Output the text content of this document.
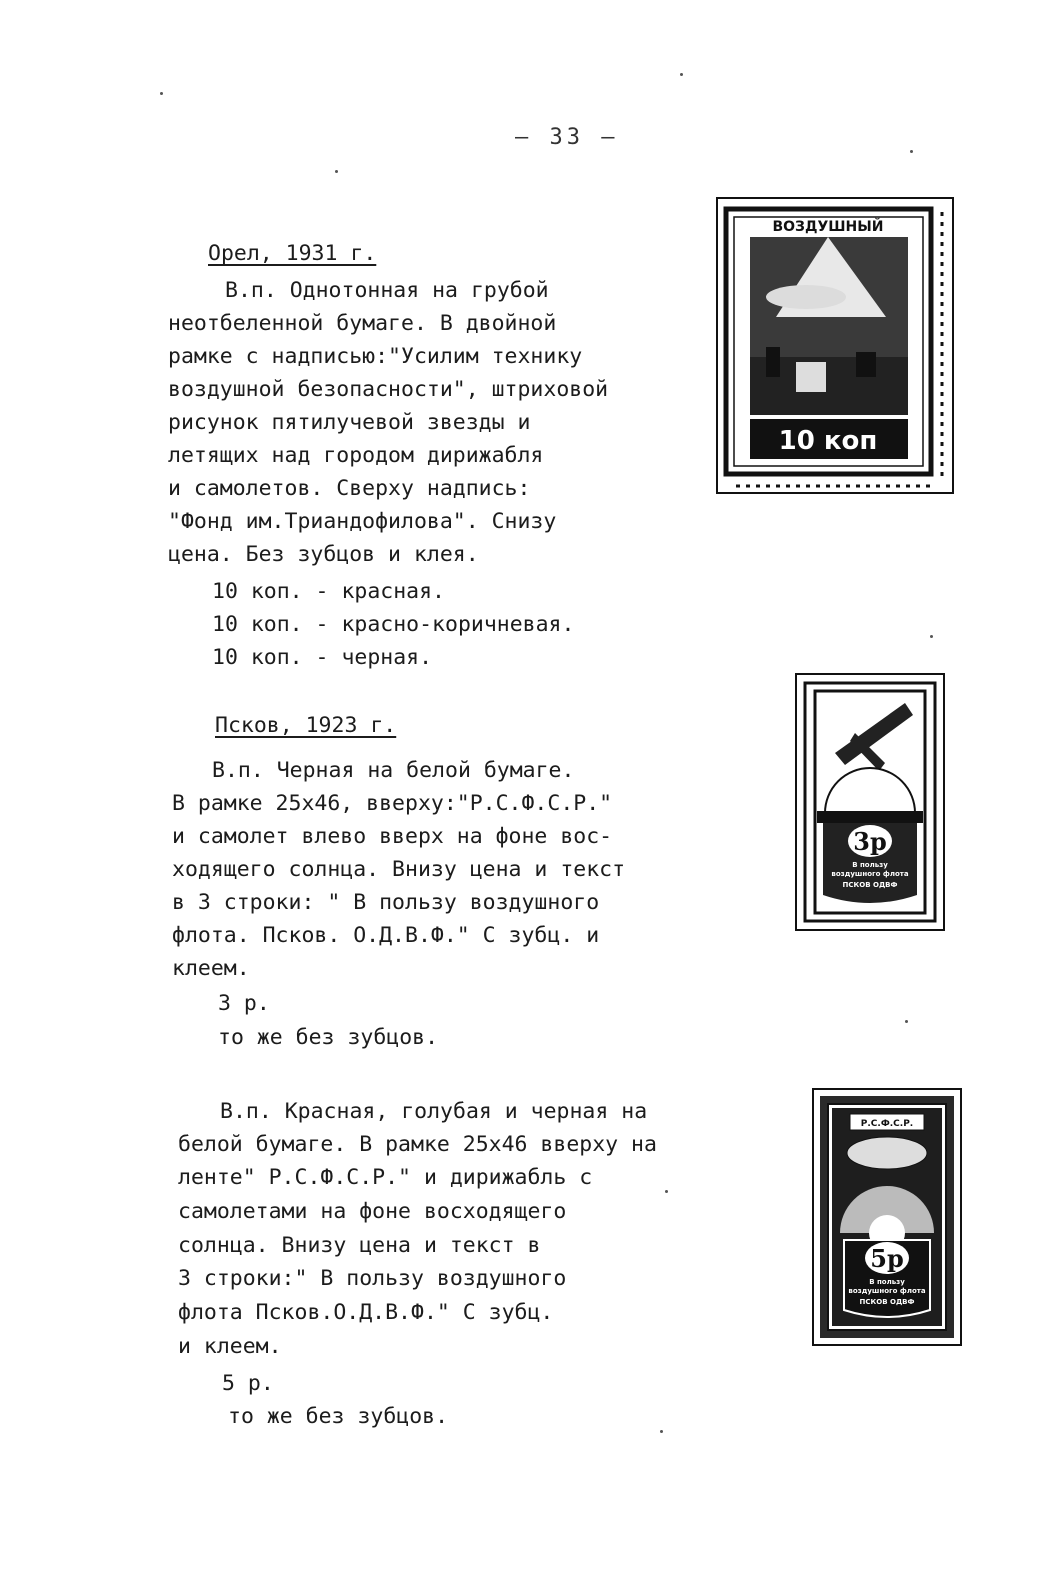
– 33 –
Орел, 1931 г.
В.п. Однотонная на грубой
неотбеленной бумаге. В двойной
рамке с надписью:"Усилим технику
воздушной безопасности", штриховой
рисунок пятилучевой звезды и
летящих над городом дирижабля
и самолетов. Сверху надпись:
"Фонд им.Триандофилова". Снизу
цена. Без зубцов и клея.
10 коп. - красная.
10 коп. - красно-коричневая.
10 коп. - черная.
Псков, 1923 г.
В.п. Черная на белой бумаге.
В рамке 25х46, вверху:"Р.С.Ф.С.Р."
и самолет влево вверх на фоне вос-
ходящего солнца. Внизу цена и текст
в 3 строки: " В пользу воздушного
флота. Псков. О.Д.В.Ф." С зубц. и
клеем.
3 р.
то же без зубцов.
В.п. Красная, голубая и черная на
белой бумаге. В рамке 25х46 вверху на
ленте" Р.С.Ф.С.Р." и дирижабль с
самолетами на фоне восходящего
солнца. Внизу цена и текст в
3 строки:" В пользу воздушного
флота Псков.О.Д.В.Ф." С зубц.
и клеем.
5 р.
то же без зубцов.
ВОЗДУШНЫЙ
10 коп
3р
В пользу
воздушного флота
ПСКОВ ОДВФ
Р.С.Ф.С.Р.
5р
В пользу
воздушного флота
ПСКОВ ОДВФ
